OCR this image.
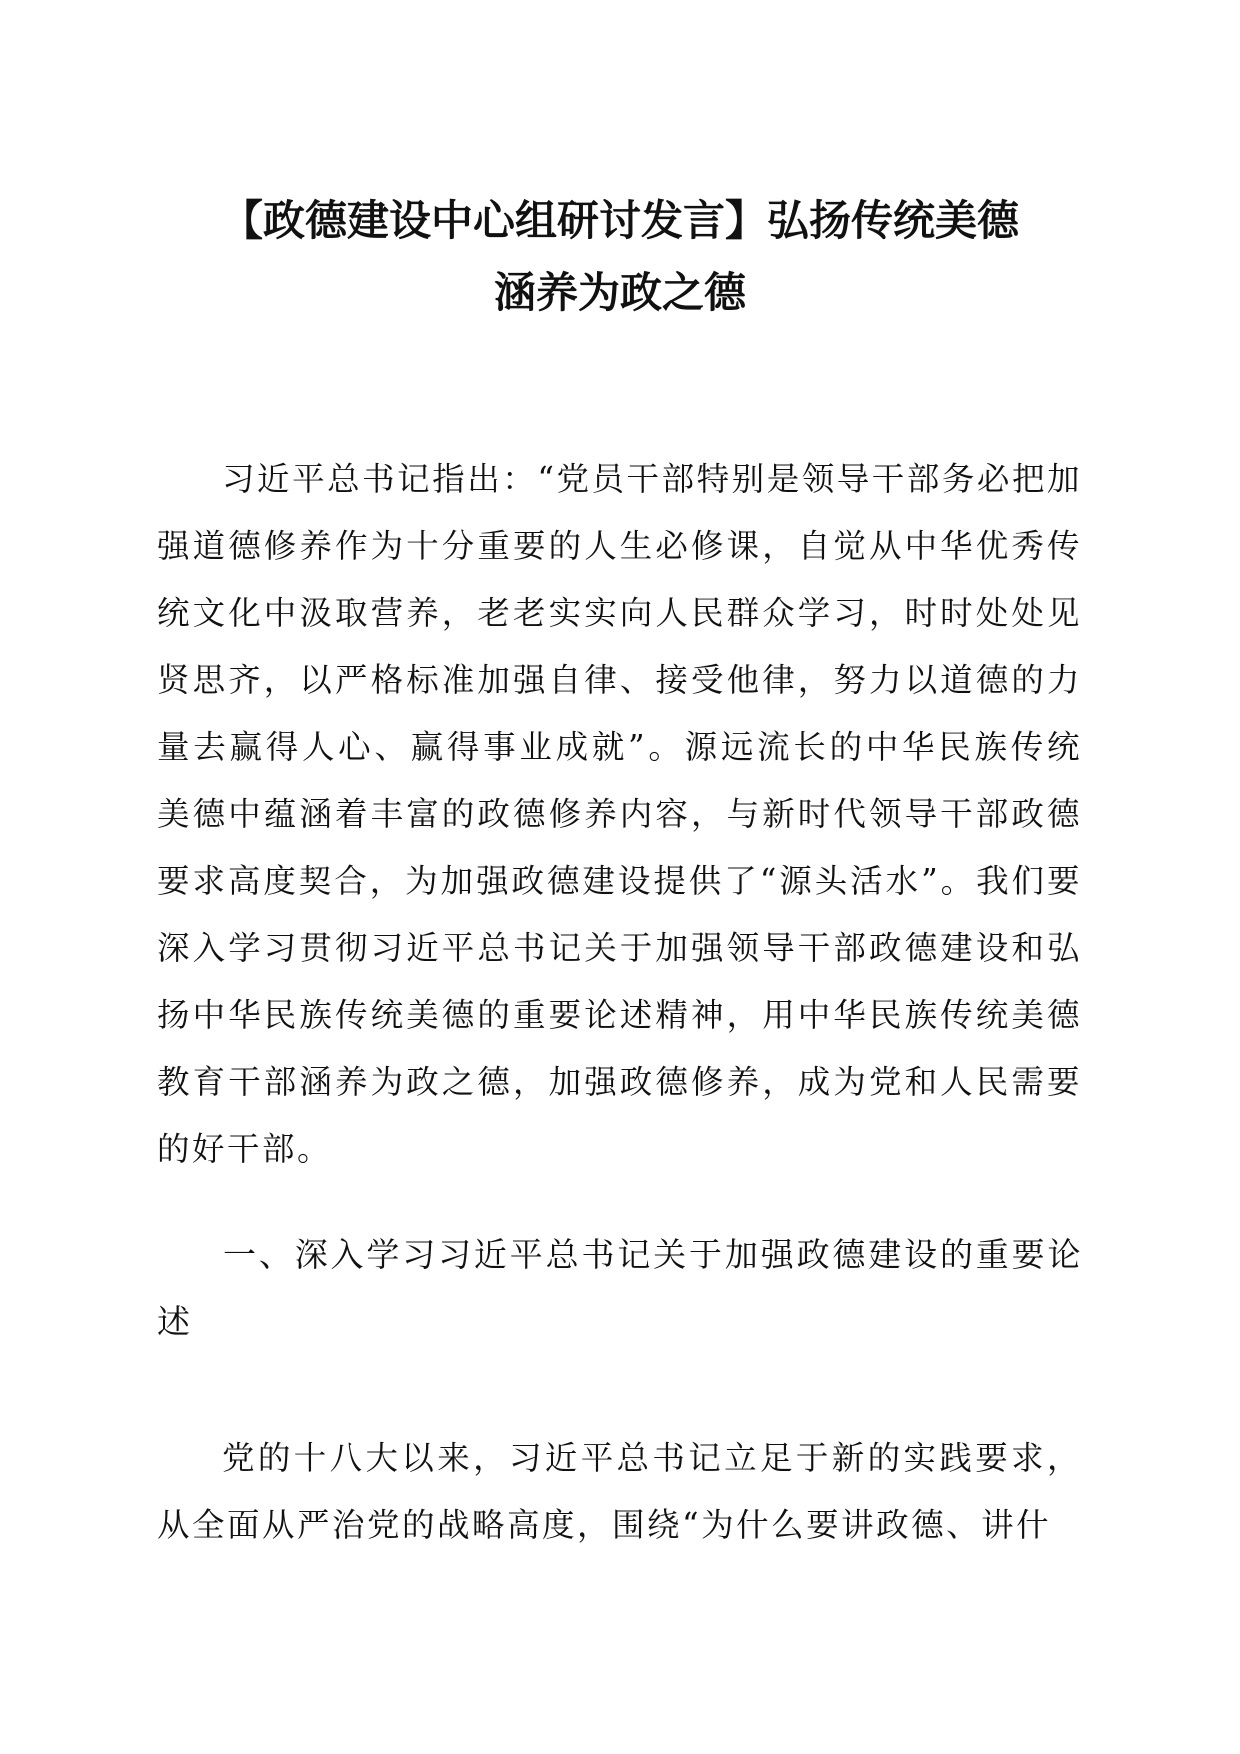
【政德建设中心组研讨发言】弘扬传统美德
涵养为政之德

习近平总书记指出：“党员干部特别是领导干部务必把加强道德修养作为十分重要的人生必修课，自觉从中华优秀传统文化中汲取营养，老老实实向人民群众学习，时时处处见贤思齐，以严格标准加强自律、接受他律，努力以道德的力量去赢得人心、赢得事业成就”。源远流长的中华民族传统美德中蕴涵着丰富的政德修养内容，与新时代领导干部政德要求高度契合，为加强政德建设提供了“源头活水”。我们要深入学习贯彻习近平总书记关于加强领导干部政德建设和弘扬中华民族传统美德的重要论述精神，用中华民族传统美德教育干部涵养为政之德，加强政德修养，成为党和人民需要的好干部。

一、深入学习习近平总书记关于加强政德建设的重要论述

党的十八大以来，习近平总书记立足于新的实践要求，从全面从严治党的战略高度，围绕“为什么要讲政德、讲什
